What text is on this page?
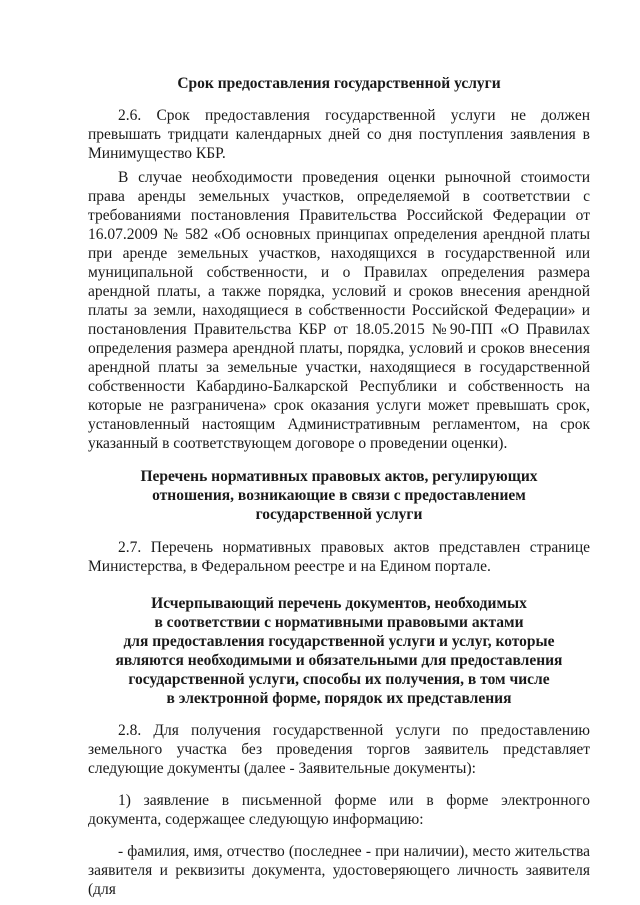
Срок предоставления государственной услуги

2.6. Срок предоставления государственной услуги не должен превышать тридцати календарных дней со дня поступления заявления в Минимущество КБР.

В случае необходимости проведения оценки рыночной стоимости права аренды земельных участков, определяемой в соответствии с требованиями постановления Правительства Российской Федерации от 16.07.2009 № 582 «Об основных принципах определения арендной платы при аренде земельных участков, находящихся в государственной или муниципальной собственности, и о Правилах определения размера арендной платы, а также порядка, условий и сроков внесения арендной платы за земли, находящиеся в собственности Российской Федерации» и постановления Правительства КБР от 18.05.2015 №90-ПП «О Правилах определения размера арендной платы, порядка, условий и сроков внесения арендной платы за земельные участки, находящиеся в государственной собственности Кабардино-Балкарской Республики и собственность на которые не разграничена» срок оказания услуги может превышать срок, установленный настоящим Административным регламентом, на срок указанный в соответствующем договоре о проведении оценки).

Перечень нормативных правовых актов, регулирующих
отношения, возникающие в связи с предоставлением
государственной услуги

2.7. Перечень нормативных правовых актов представлен странице Министерства, в Федеральном реестре и на Едином портале.

Исчерпывающий перечень документов, необходимых
в соответствии с нормативными правовыми актами
для предоставления государственной услуги и услуг, которые
являются необходимыми и обязательными для предоставления
государственной услуги, способы их получения, в том числе
в электронной форме, порядок их представления

2.8. Для получения государственной услуги по предоставлению земельного участка без проведения торгов заявитель представляет следующие документы (далее - Заявительные документы):

1) заявление в письменной форме или в форме электронного документа, содержащее следующую информацию:

- фамилия, имя, отчество (последнее - при наличии), место жительства заявителя и реквизиты документа, удостоверяющего личность заявителя (для
